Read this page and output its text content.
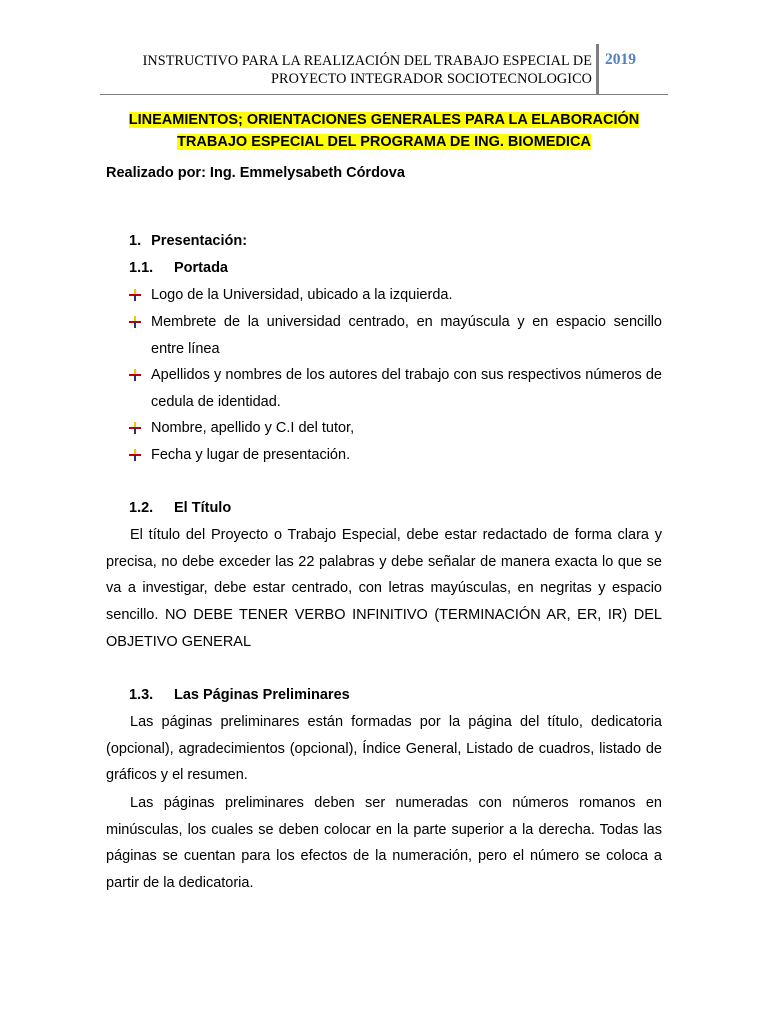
INSTRUCTIVO PARA LA REALIZACIÓN DEL TRABAJO ESPECIAL DE
PROYECTO INTEGRADOR SOCIOTECNOLOGICO
2019
LINEAMIENTOS; ORIENTACIONES GENERALES PARA LA ELABORACIÓN
TRABAJO ESPECIAL DEL PROGRAMA DE ING. BIOMEDICA
Realizado por: Ing. Emmelysabeth Córdova
1. Presentación:
1.1. Portada
Logo de la Universidad, ubicado a la izquierda.
Membrete de la universidad centrado, en mayúscula y en espacio sencillo entre línea
Apellidos y nombres de los autores del trabajo con sus respectivos números de cedula de identidad.
Nombre, apellido y C.I del tutor,
Fecha y lugar de presentación.
1.2. El Título
El título del Proyecto o Trabajo Especial, debe estar redactado de forma clara y precisa, no debe exceder las 22 palabras y debe señalar de manera exacta lo que se va a investigar, debe estar centrado, con letras mayúsculas, en negritas y espacio sencillo. NO DEBE TENER VERBO INFINITIVO (TERMINACIÓN AR, ER, IR) DEL OBJETIVO GENERAL
1.3. Las Páginas Preliminares
Las páginas preliminares están formadas por la página del título, dedicatoria (opcional), agradecimientos (opcional), Índice General, Listado de cuadros, listado de gráficos y el resumen.
Las páginas preliminares deben ser numeradas con números romanos en minúsculas, los cuales se deben colocar en la parte superior a la derecha. Todas las páginas se cuentan para los efectos de la numeración, pero el número se coloca a partir de la dedicatoria.
